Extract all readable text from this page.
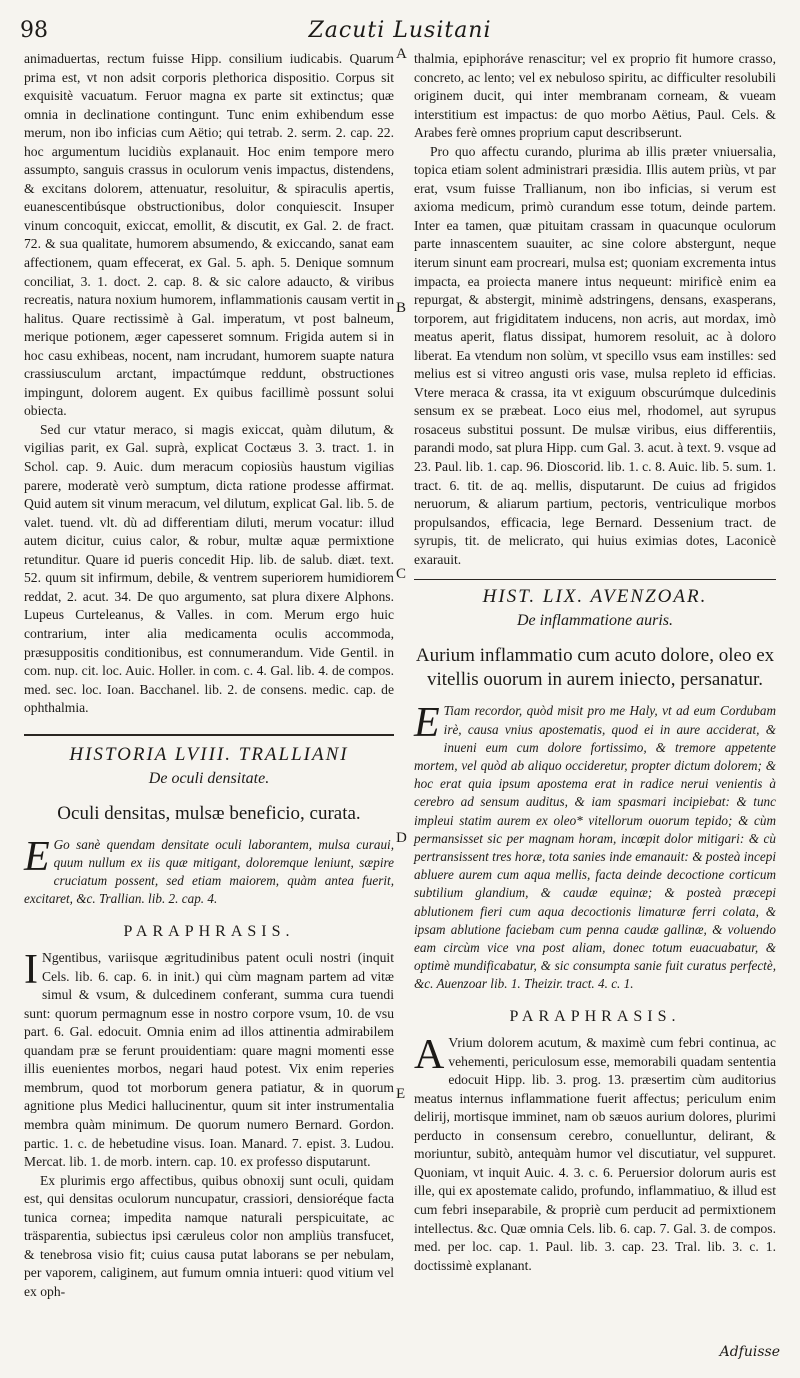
98	Zacuti Lusitani
A
B
C
D
E

animaduertas, rectum fuisse Hipp. consilium iudicabis. Quarum prima est, vt non adsit corporis plethorica dispositio. Corpus sit exquisitè vacuatum. Feruor magna ex parte sit extinctus; quæ omnia in declinatione contingunt. Tunc enim exhibendum esse merum, non ibo inficias cum Aëtio; qui tetrab. 2. serm. 2. cap. 22. hoc argumentum lucidiùs explanauit. Hoc enim tempore mero assumpto, sanguis crassus in oculorum venis impactus, distendens, & excitans dolorem, attenuatur, resoluitur, & spiraculis apertis, euanescentibúsque obstructionibus, dolor conquiescit. Insuper vinum concoquit, exiccat, emollit, & discutit, ex Gal. 2. de fract. 72. & sua qualitate, humorem absumendo, & exiccando, sanat eam affectionem, quam effecerat, ex Gal. 5. aph. 5. Denique somnum conciliat, 3. 1. doct. 2. cap. 8. & sic calore adaucto, & viribus recreatis, natura noxium humorem, inflammationis causam vertit in halitus. Quare rectissimè à Gal. imperatum, vt post balneum, merique potionem, æger capesseret somnum. Frigida autem si in hoc casu exhibeas, nocent, nam incrudant, humorem suapte natura crassiusculum arctant, impactúmque reddunt, obstructiones impingunt, dolorem augent. Ex quibus facillimè possunt solui obiecta.

Sed cur vtatur meraco, si magis exiccat, quàm dilutum, & vigilias parit, ex Gal. suprà, explicat Coctæus 3. 3. tract. 1. in Schol. cap. 9. Auic. dum meracum copiosiùs haustum vigilias parere, moderatè verò sumptum, dicta ratione prodesse affirmat. Quid autem sit vinum meracum, vel dilutum, explicat Gal. lib. 5. de valet. tuend. vlt. dù ad differentiam diluti, merum vocatur: illud autem dicitur, cuius calor, & robur, multæ aquæ permixtione retunditur. Quare id pueris concedit Hip. lib. de salub. diæt. text. 52. quum sit infirmum, debile, & ventrem superiorem humidiorem reddat, 2. acut. 34. De quo argumento, sat plura dixere Alphons. Lupeus Curteleanus, & Valles. in com. Merum ergo huic contrarium, inter alia medicamenta oculis accommoda, præsuppositis conditionibus, est connumerandum. Vide Gentil. in com. nup. cit. loc. Auic. Holler. in com. c. 4. Gal. lib. 4. de compos. med. sec. loc. Ioan. Bacchanel. lib. 2. de consens. medic. cap. de ophthalmia.

HISTORIA LVIII. TRALLIANI
De oculi densitate.
Oculi densitas, mulsæ beneficio, curata.

E Go sanè quendam densitate oculi laborantem, mulsa curaui, quum nullum ex iis quæ mitigant, doloremque leniunt, sæpire cruciatum possent, sed etiam maiorem, quàm antea fuerit, excitaret, &c. Trallian. lib. 2. cap. 4.

PARAPHRASIS.

I Ngentibus, variisque ægritudinibus patent oculi nostri (inquit Cels. lib. 6. cap. 6. in init.) qui cùm magnam partem ad vitæ simul & vsum, & dulcedinem conferant, summa cura tuendi sunt: quorum permagnum esse in nostro corpore vsum, 10. de vsu part. 6. Gal. edocuit. Omnia enim ad illos attinentia admirabilem quandam præ se ferunt prouidentiam: quare magni momenti esse illis euenientes morbos, negari haud potest. Vix enim reperies membrum, quod tot morborum genera patiatur, & in quorum agnitione plus Medici hallucinentur, quum sit inter instrumentalia membra quàm minimum. De quorum numero Bernard. Gordon. partic. 1. c. de hebetudine visus. Ioan. Manard. 7. epist. 3. Ludou. Mercat. lib. 1. de morb. intern. cap. 10. ex professo disputarunt.

Ex plurimis ergo affectibus, quibus obnoxij sunt oculi, quidam est, qui densitas oculorum nuncupatur, crassiori, densioréque facta tunica cornea; impedita namque naturali perspicuitate, ac träsparentia, subiectus ipsi cæruleus color non ampliùs transfucet, & tenebrosa visio fit; cuius causa putat laborans se per nebulam, per vaporem, caliginem, aut fumum omnia intueri: quod vitium vel ex oph-

thalmia, epiphoráve renascitur; vel ex proprio fit humore crasso, concreto, ac lento; vel ex nebuloso spiritu, ac difficulter resolubili originem ducit, qui inter membranam corneam, & vueam interstitium est impactus: de quo morbo Aëtius, Paul. Cels. & Arabes ferè omnes proprium caput describserunt.

Pro quo affectu curando, plurima ab illis præter vniuersalia, topica etiam solent administrari præsidia. Illis autem priùs, vt par erat, vsum fuisse Trallianum, non ibo inficias, si verum est axioma medicum, primò curandum esse totum, deinde partem. Inter ea tamen, quæ pituitam crassam in quacunque oculorum parte innascentem suauiter, ac sine colore abstergunt, neque iterum sinunt eam procreari, mulsa est; quoniam excrementa intus impacta, ea proiecta manere intus nequeunt: mirificè enim ea repurgat, & abstergit, minimè adstringens, densans, exasperans, torporem, aut frigiditatem inducens, non acris, aut mordax, imò meatus aperit, flatus dissipat, humorem resoluit, ac à doloro liberat. Ea vtendum non solùm, vt specillo vsus eam instilles: sed melius est si vitreo angusti oris vase, mulsa repleto id efficias. Vtere meraca & crassa, ita vt exiguum obscurúmque dulcedinis sensum ex se præbeat. Loco eius mel, rhodomel, aut syrupus rosaceus substitui possunt. De mulsæ viribus, eius differentiis, parandi modo, sat plura Hipp. cum Gal. 3. acut. à text. 9. vsque ad 23. Paul. lib. 1. cap. 96. Dioscorid. lib. 1. c. 8. Auic. lib. 5. sum. 1. tract. 6. tit. de aq. mellis, disputarunt. De cuius ad frigidos neruorum, & aliarum partium, pectoris, ventriculique morbos propulsandos, efficacia, lege Bernard. Dessenium tract. de syrupis, tit. de melicrato, qui huius eximias dotes, Laconicè exarauit.

HIST. LIX. AVENZOAR.
De inflammatione auris.
Aurium inflammatio cum acuto dolore, oleo ex vitellis ouorum in aurem iniecto, persanatur.

E Tiam recordor, quòd misit pro me Haly, vt ad eum Cordubam irè, causa vnius apostematis, quod ei in aure acciderat, & inueni eum cum dolore fortissimo, & tremore appetente mortem, vel quòd ab aliquo occideretur, propter dictum dolorem; & hoc erat quia ipsum apostema erat in radice nerui venientis à cerebro ad sensum auditus, & iam spasmari incipiebat: & tunc impleui statim aurem ex oleo* vitellorum ouorum tepido; & cùm permansisset sic per magnam horam, incœpit dolor mitigari: & cù pertransissent tres horæ, tota sanies inde emanauit: & posteà incepi abluere aurem cum aqua mellis, facta deinde decoctione corticum subtilium glandium, & caudæ equinæ; & posteà præcepi ablutionem fieri cum aqua decoctionis limaturæ ferri colata, & ipsam ablutione faciebam cum penna caudæ gallinæ, & voluendo eam circùm vice vna post aliam, donec totum euacuabatur, & optimè mundificabatur, & sic consumpta sanie fuit curatus perfectè, &c. Auenzoar lib. 1. Theizir. tract. 4. c. 1.

PARAPHRASIS.

A Vrium dolorem acutum, & maximè cum febri continua, ac vehementi, periculosum esse, memorabili quadam sententia edocuit Hipp. lib. 3. prog. 13. præsertim cùm auditorius meatus internus inflammatione fuerit affectus; periculum enim delirij, mortisque imminet, nam ob sæuos aurium dolores, plurimi perducto in consensum cerebro, conuelluntur, delirant, & moriuntur, subitò, antequàm humor vel discutiatur, vel suppuret. Quoniam, vt inquit Auic. 4. 3. c. 6. Peruersior dolorum auris est ille, qui ex apostemate calido, profundo, inflammatiuo, & illud est cum febri inseparabile, & propriè cum perducit ad permixtionem intellectus. &c. Quæ omnia Cels. lib. 6. cap. 7. Gal. 3. de compos. med. per loc. cap. 1. Paul. lib. 3. cap. 23. Tral. lib. 3. c. 1. doctissimè explanant.

Adfuisse
